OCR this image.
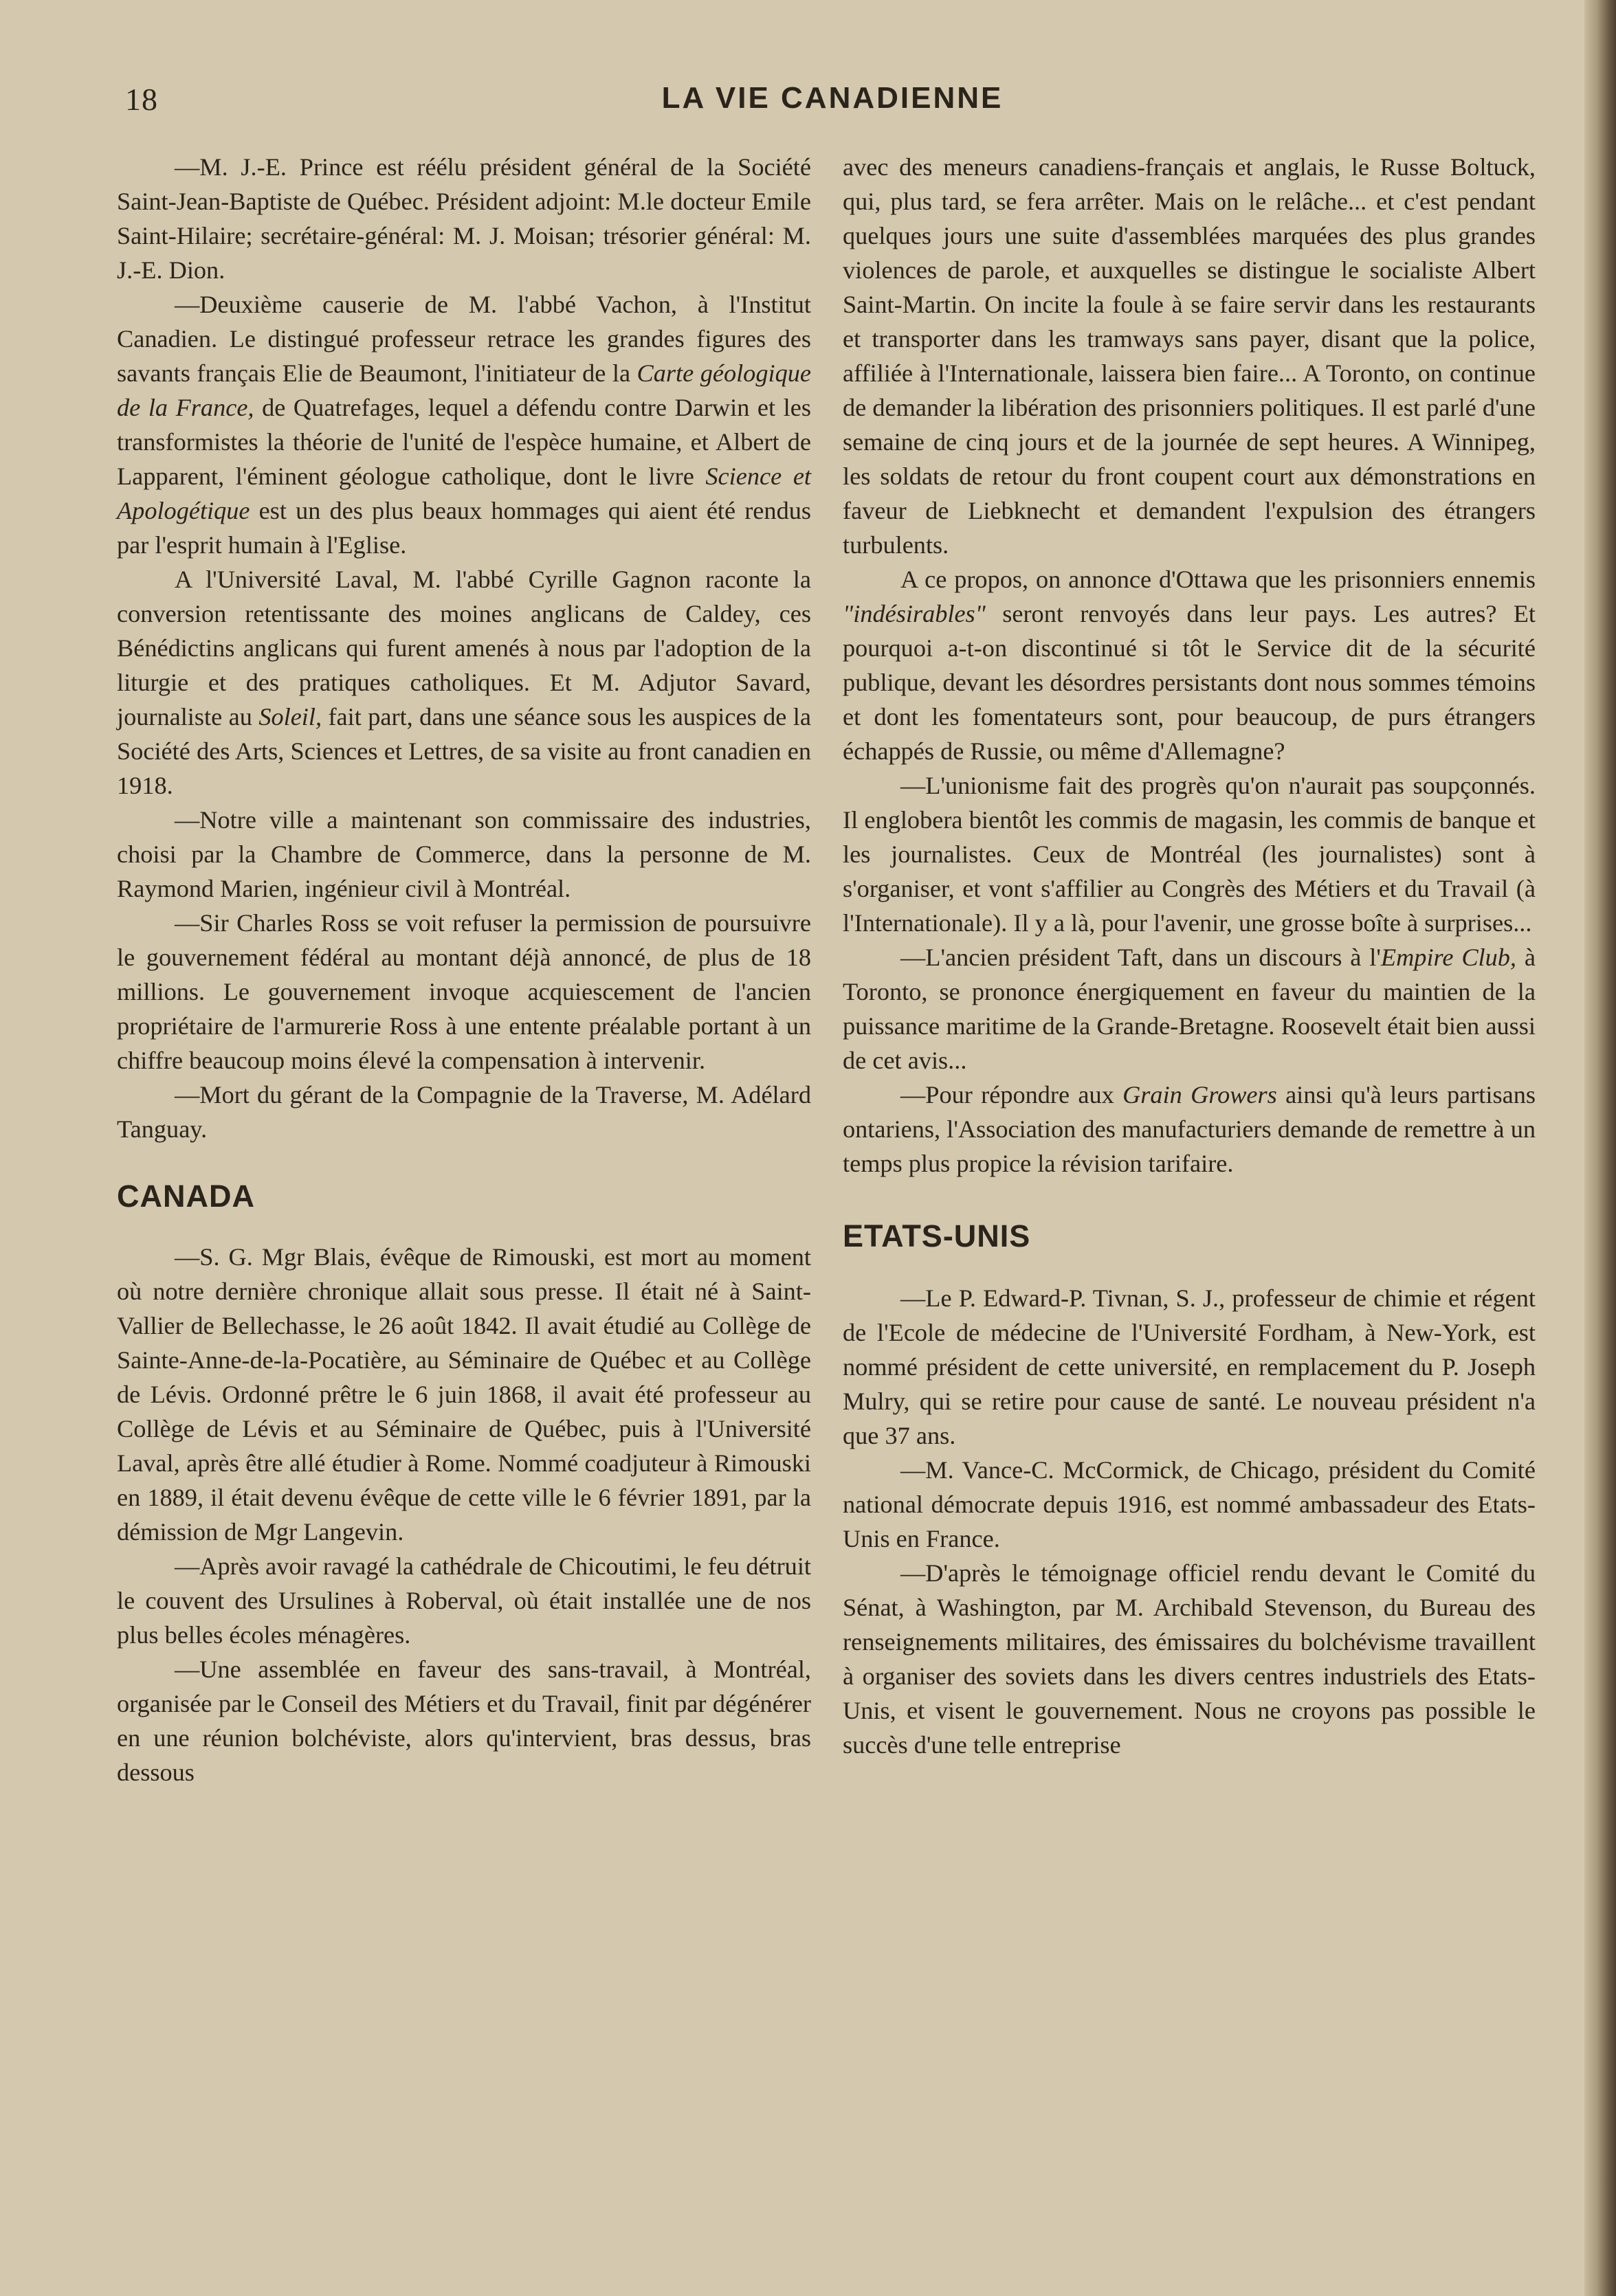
18	LA VIE CANADIENNE

—M. J.-E. Prince est réélu président général de la Société Saint-Jean-Baptiste de Québec. Président adjoint: M.le docteur Emile Saint-Hilaire; secrétaire-général: M. J. Moisan; trésorier général: M. J.-E. Dion.

—Deuxième causerie de M. l'abbé Vachon, à l'Institut Canadien. Le distingué professeur retrace les grandes figures des savants français Elie de Beaumont, l'initiateur de la Carte géologique de la France, de Quatrefages, lequel a défendu contre Darwin et les transformistes la théorie de l'unité de l'espèce humaine, et Albert de Lapparent, l'éminent géologue catholique, dont le livre Science et Apologétique est un des plus beaux hommages qui aient été rendus par l'esprit humain à l'Eglise.

A l'Université Laval, M. l'abbé Cyrille Gagnon raconte la conversion retentissante des moines anglicans de Caldey, ces Bénédictins anglicans qui furent amenés à nous par l'adoption de la liturgie et des pratiques catholiques. Et M. Adjutor Savard, journaliste au Soleil, fait part, dans une séance sous les auspices de la Société des Arts, Sciences et Lettres, de sa visite au front canadien en 1918.

—Notre ville a maintenant son commissaire des industries, choisi par la Chambre de Commerce, dans la personne de M. Raymond Marien, ingénieur civil à Montréal.

—Sir Charles Ross se voit refuser la permission de poursuivre le gouvernement fédéral au montant déjà annoncé, de plus de 18 millions. Le gouvernement invoque acquiescement de l'ancien propriétaire de l'armurerie Ross à une entente préalable portant à un chiffre beaucoup moins élevé la compensation à intervenir.

—Mort du gérant de la Compagnie de la Traverse, M. Adélard Tanguay.

CANADA

—S. G. Mgr Blais, évêque de Rimouski, est mort au moment où notre dernière chronique allait sous presse. Il était né à Saint-Vallier de Bellechasse, le 26 août 1842. Il avait étudié au Collège de Sainte-Anne-de-la-Pocatière, au Séminaire de Québec et au Collège de Lévis. Ordonné prêtre le 6 juin 1868, il avait été professeur au Collège de Lévis et au Séminaire de Québec, puis à l'Université Laval, après être allé étudier à Rome. Nommé coadjuteur à Rimouski en 1889, il était devenu évêque de cette ville le 6 février 1891, par la démission de Mgr Langevin.

—Après avoir ravagé la cathédrale de Chicoutimi, le feu détruit le couvent des Ursulines à Roberval, où était installée une de nos plus belles écoles ménagères.

—Une assemblée en faveur des sans-travail, à Montréal, organisée par le Conseil des Métiers et du Travail, finit par dégénérer en une réunion bolchéviste, alors qu'intervient, bras dessus, bras dessous

avec des meneurs canadiens-français et anglais, le Russe Boltuck, qui, plus tard, se fera arrêter. Mais on le relâche... et c'est pendant quelques jours une suite d'assemblées marquées des plus grandes violences de parole, et auxquelles se distingue le socialiste Albert Saint-Martin. On incite la foule à se faire servir dans les restaurants et transporter dans les tramways sans payer, disant que la police, affiliée à l'Internationale, laissera bien faire... A Toronto, on continue de demander la libération des prisonniers politiques. Il est parlé d'une semaine de cinq jours et de la journée de sept heures. A Winnipeg, les soldats de retour du front coupent court aux démonstrations en faveur de Liebknecht et demandent l'expulsion des étrangers turbulents.

A ce propos, on annonce d'Ottawa que les prisonniers ennemis "indésirables" seront renvoyés dans leur pays. Les autres? Et pourquoi a-t-on discontinué si tôt le Service dit de la sécurité publique, devant les désordres persistants dont nous sommes témoins et dont les fomentateurs sont, pour beaucoup, de purs étrangers échappés de Russie, ou même d'Allemagne?

—L'unionisme fait des progrès qu'on n'aurait pas soupçonnés. Il englobera bientôt les commis de magasin, les commis de banque et les journalistes. Ceux de Montréal (les journalistes) sont à s'organiser, et vont s'affilier au Congrès des Métiers et du Travail (à l'Internationale). Il y a là, pour l'avenir, une grosse boîte à surprises...

—L'ancien président Taft, dans un discours à l'Empire Club, à Toronto, se prononce énergiquement en faveur du maintien de la puissance maritime de la Grande-Bretagne. Roosevelt était bien aussi de cet avis...

—Pour répondre aux Grain Growers ainsi qu'à leurs partisans ontariens, l'Association des manufacturiers demande de remettre à un temps plus propice la révision tarifaire.

ETATS-UNIS

—Le P. Edward-P. Tivnan, S. J., professeur de chimie et régent de l'Ecole de médecine de l'Université Fordham, à New-York, est nommé président de cette université, en remplacement du P. Joseph Mulry, qui se retire pour cause de santé. Le nouveau président n'a que 37 ans.

—M. Vance-C. McCormick, de Chicago, président du Comité national démocrate depuis 1916, est nommé ambassadeur des Etats-Unis en France.

—D'après le témoignage officiel rendu devant le Comité du Sénat, à Washington, par M. Archibald Stevenson, du Bureau des renseignements militaires, des émissaires du bolchévisme travaillent à organiser des soviets dans les divers centres industriels des Etats-Unis, et visent le gouvernement. Nous ne croyons pas possible le succès d'une telle entreprise
